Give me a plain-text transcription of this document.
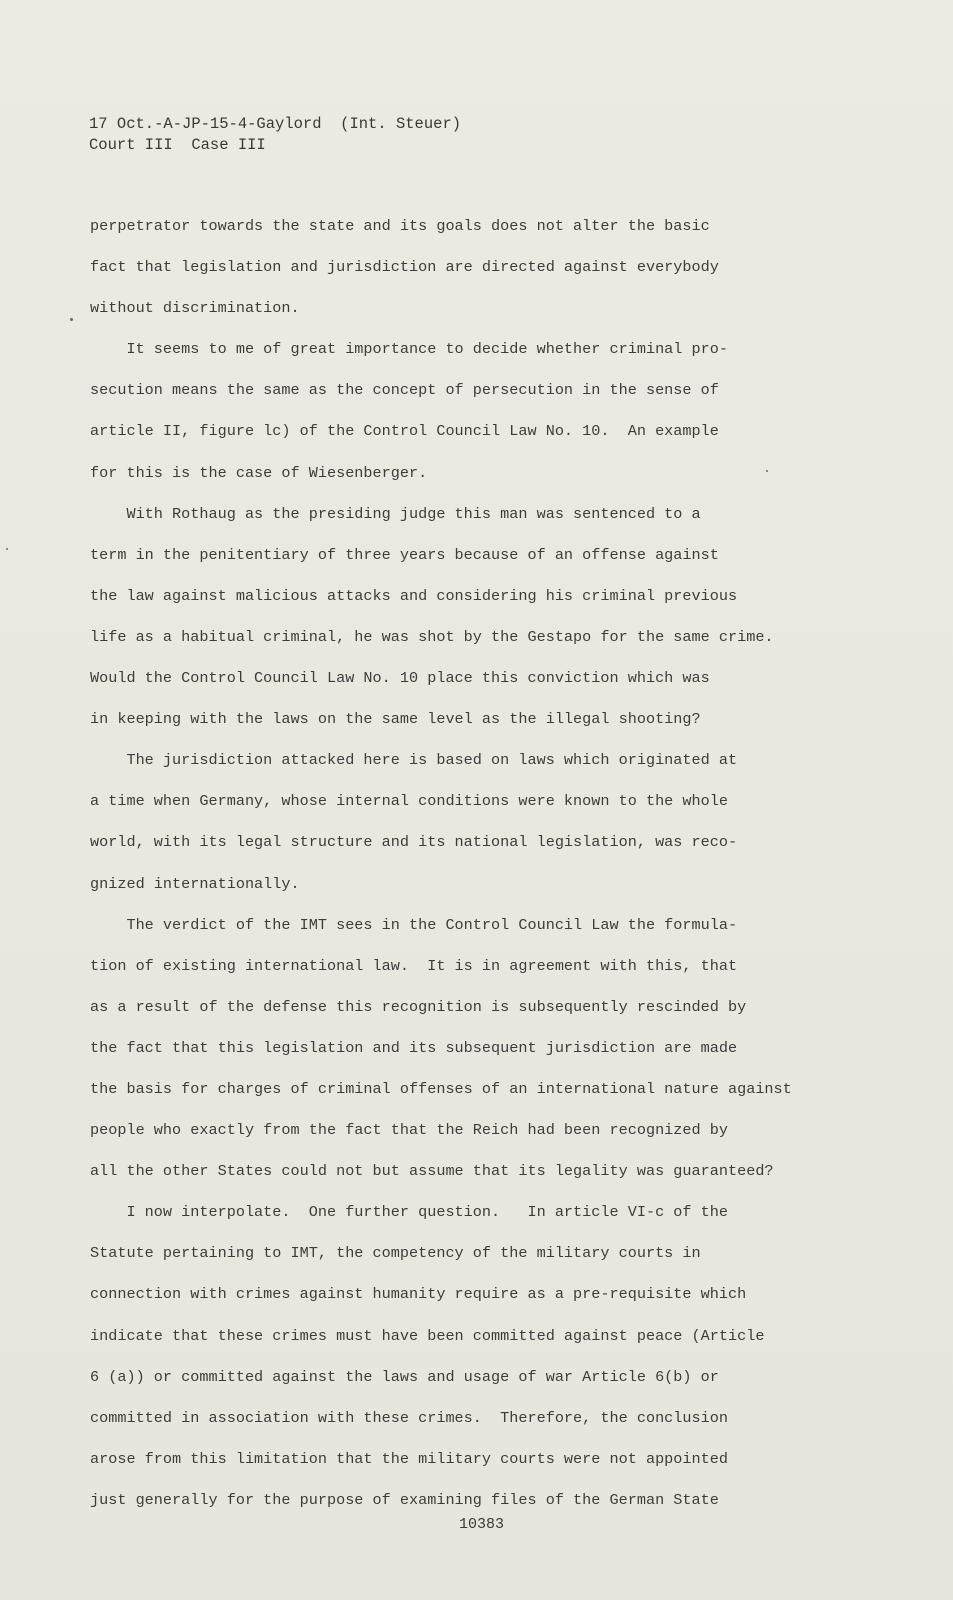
17 Oct.-A-JP-15-4-Gaylord  (Int. Steuer)
Court III  Case III
perpetrator towards the state and its goals does not alter the basic
fact that legislation and jurisdiction are directed against everybody
without discrimination.
It seems to me of great importance to decide whether criminal pro-
secution means the same as the concept of persecution in the sense of
article II, figure lc) of the Control Council Law No. 10.  An example
for this is the case of Wiesenberger.
With Rothaug as the presiding judge this man was sentenced to a
term in the penitentiary of three years because of an offense against
the law against malicious attacks and considering his criminal previous
life as a habitual criminal, he was shot by the Gestapo for the same crime.
Would the Control Council Law No. 10 place this conviction which was
in keeping with the laws on the same level as the illegal shooting?
The jurisdiction attacked here is based on laws which originated at
a time when Germany, whose internal conditions were known to the whole
world, with its legal structure and its national legislation, was reco-
gnized internationally.
The verdict of the IMT sees in the Control Council Law the formula-
tion of existing international law.  It is in agreement with this, that
as a result of the defense this recognition is subsequently rescinded by
the fact that this legislation and its subsequent jurisdiction are made
the basis for charges of criminal offenses of an international nature against
people who exactly from the fact that the Reich had been recognized by
all the other States could not but assume that its legality was guaranteed?
I now interpolate.  One further question.   In article VI-c of the
Statute pertaining to IMT, the competency of the military courts in
connection with crimes against humanity require as a pre-requisite which
indicate that these crimes must have been committed against peace (Article
6 (a)) or committed against the laws and usage of war Article 6(b) or
committed in association with these crimes.  Therefore, the conclusion
arose from this limitation that the military courts were not appointed
just generally for the purpose of examining files of the German State
10383
